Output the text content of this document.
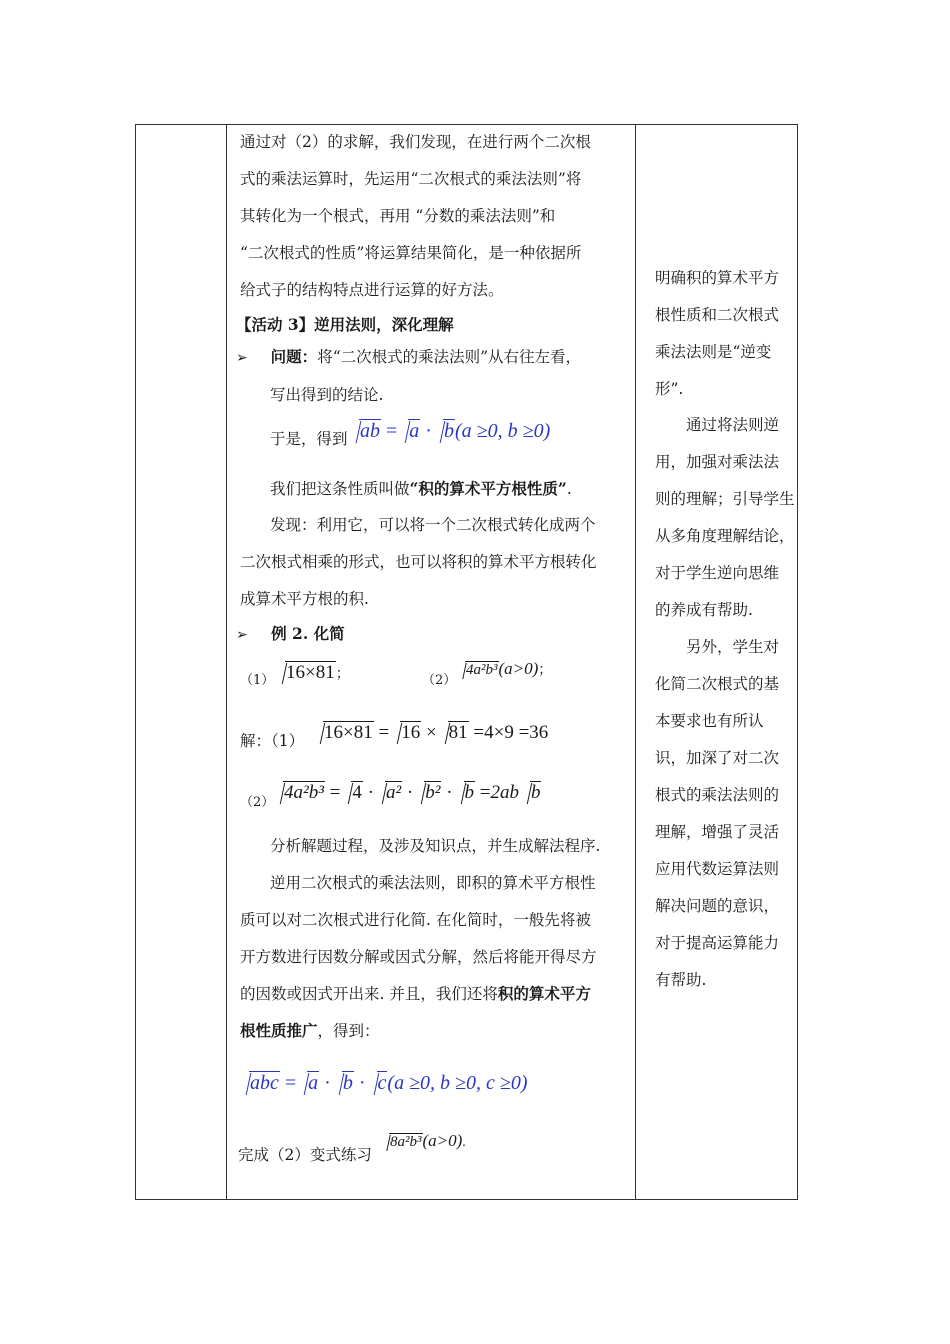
通过对（2）的求解，我们发现，在进行两个二次根
式的乘法运算时，先运用“二次根式的乘法法则”将
其转化为一个根式，再用 “分数的乘法法则”和
“二次根式的性质”将运算结果简化，是一种依据所
给式子的结构特点进行运算的好方法。
【活动 3】逆用法则，深化理解
➢ 问题：将“二次根式的乘法法则”从右往左看，
写出得到的结论.
于是，得到 ab = a · b(a ≥0, b ≥0)
我们把这条性质叫做“积的算术平方根性质”.
发现：利用它，可以将一个二次根式转化成两个
二次根式相乘的形式，也可以将积的算术平方根转化
成算术平方根的积.
➢ 例 2. 化简
（1） 16×81；	（2）
4a²b³(a>0)；
解：（1）	16×81 = 16 × 81 =4×9 =36
（2） 4a²b³ = 4 · a² · b² · b =2ab b
分析解题过程，及涉及知识点，并生成解法程序.
逆用二次根式的乘法法则，即积的算术平方根性
质可以对二次根式进行化简. 在化简时，一般先将被
开方数进行因数分解或因式分解，然后将能开得尽方
的因数或因式开出来. 并且，我们还将积的算术平方
根性质推广，得到：
abc = a · b · c(a ≥0, b ≥0, c ≥0)
完成（2）变式练习
8a²b³(a>0).
明确积的算术平方
根性质和二次根式
乘法法则是“逆变
形”.
　　通过将法则逆
用，加强对乘法法
则的理解；引导学生
从多角度理解结论，
对于学生逆向思维
的养成有帮助.
　　另外，学生对
化简二次根式的基
本要求也有所认
识，加深了对二次
根式的乘法法则的
理解，增强了灵活
应用代数运算法则
解决问题的意识，
对于提高运算能力
有帮助.
